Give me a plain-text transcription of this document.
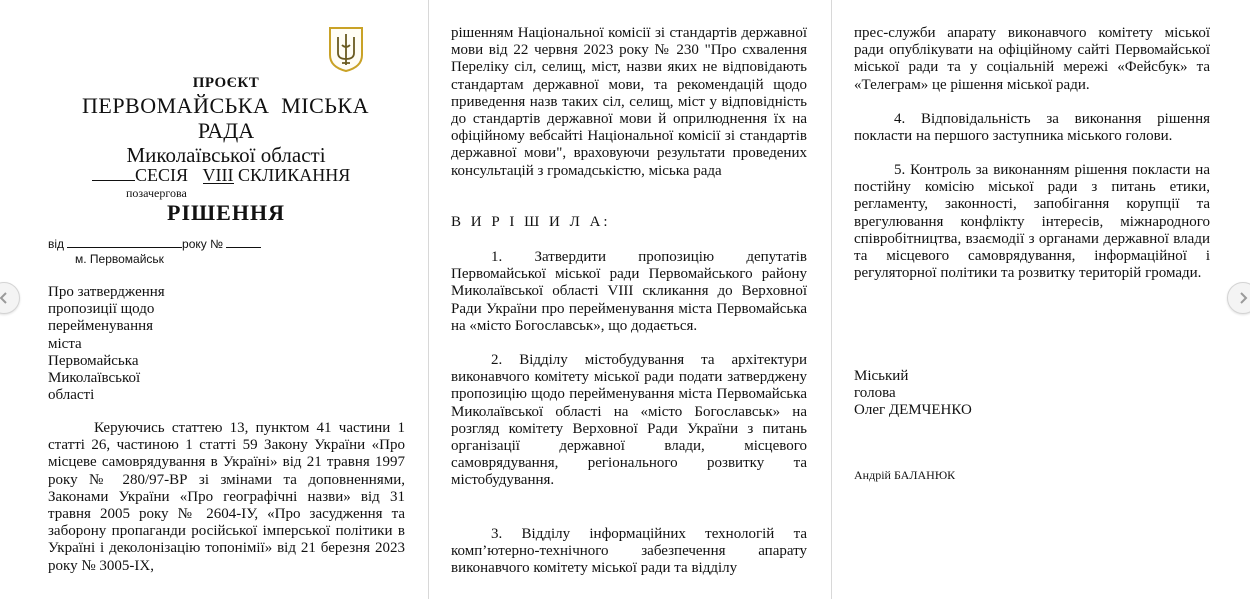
ПРОЄКТ
ПЕРВОМАЙСЬКА МІСЬКА
РАДА
Миколаївської області
СЕСІЯ VIII СКЛИКАННЯ
позачергова
РІШЕННЯ
від	року №
м. Первомайськ
Про затвердження
пропозиції щодо
перейменування
міста
Первомайська
Миколаївської
області
Керуючись статтею 13, пунктом 41 частини 1 статті 26, частиною 1 статті 59 Закону України «Про місцеве самоврядування в Україні» від 21 травня 1997 року № 280/97-ВР зі змінами та доповненнями, Законами України «Про географічні назви» від 31 травня 2005 року № 2604-IУ, «Про засудження та заборону пропаганди російської імперської політики в Україні і деколонізацію топонімії» від 21 березня 2023 року № 3005-IX,
рішенням Національної комісії зі стандартів державної мови від 22 червня 2023 року № 230 "Про схвалення Переліку сіл, селищ, міст, назви яких не відповідають стандартам державної мови, та рекомендацій щодо приведення назв таких сіл, селищ, міст у відповідність до стандартів державної мови й оприлюднення їх на офіційному вебсайті Національної комісії зі стандартів державної мови", враховуючи результати проведених консультацій з громадськістю, міська рада
В И Р І Ш И Л А:
1. Затвердити пропозицію депутатів Первомайської міської ради Первомайського району Миколаївської області VIII скликання до Верховної Ради України про перейменування міста Первомайська на «місто Богославськ», що додається.
2. Відділу містобудування та архітектури виконавчого комітету міської ради подати затверджену пропозицію щодо перейменування міста Первомайська Миколаївської області на «місто Богославськ» на розгляд комітету Верховної Ради України з питань організації державної влади, місцевого самоврядування, регіонального розвитку та містобудування.
3. Відділу інформаційних технологій та комп’ютерно-технічного забезпечення апарату виконавчого комітету міської ради та відділу
прес-служби апарату виконавчого комітету міської ради опублікувати на офіційному сайті Первомайської міської ради та у соціальній мережі «Фейсбук» та «Телеграм» це рішення міської ради.
4. Відповідальність за виконання рішення покласти на першого заступника міського голови.
5. Контроль за виконанням рішення покласти на постійну комісію міської ради з питань етики, регламенту, законності, запобігання корупції та врегулювання конфлікту інтересів, міжнародного співробітництва, взаємодії з органами державної влади та місцевого самоврядування, інформаційної і регуляторної політики та розвитку територій громади.
Міський
голова
Олег ДЕМЧЕНКО
Андрій БАЛАНЮК
